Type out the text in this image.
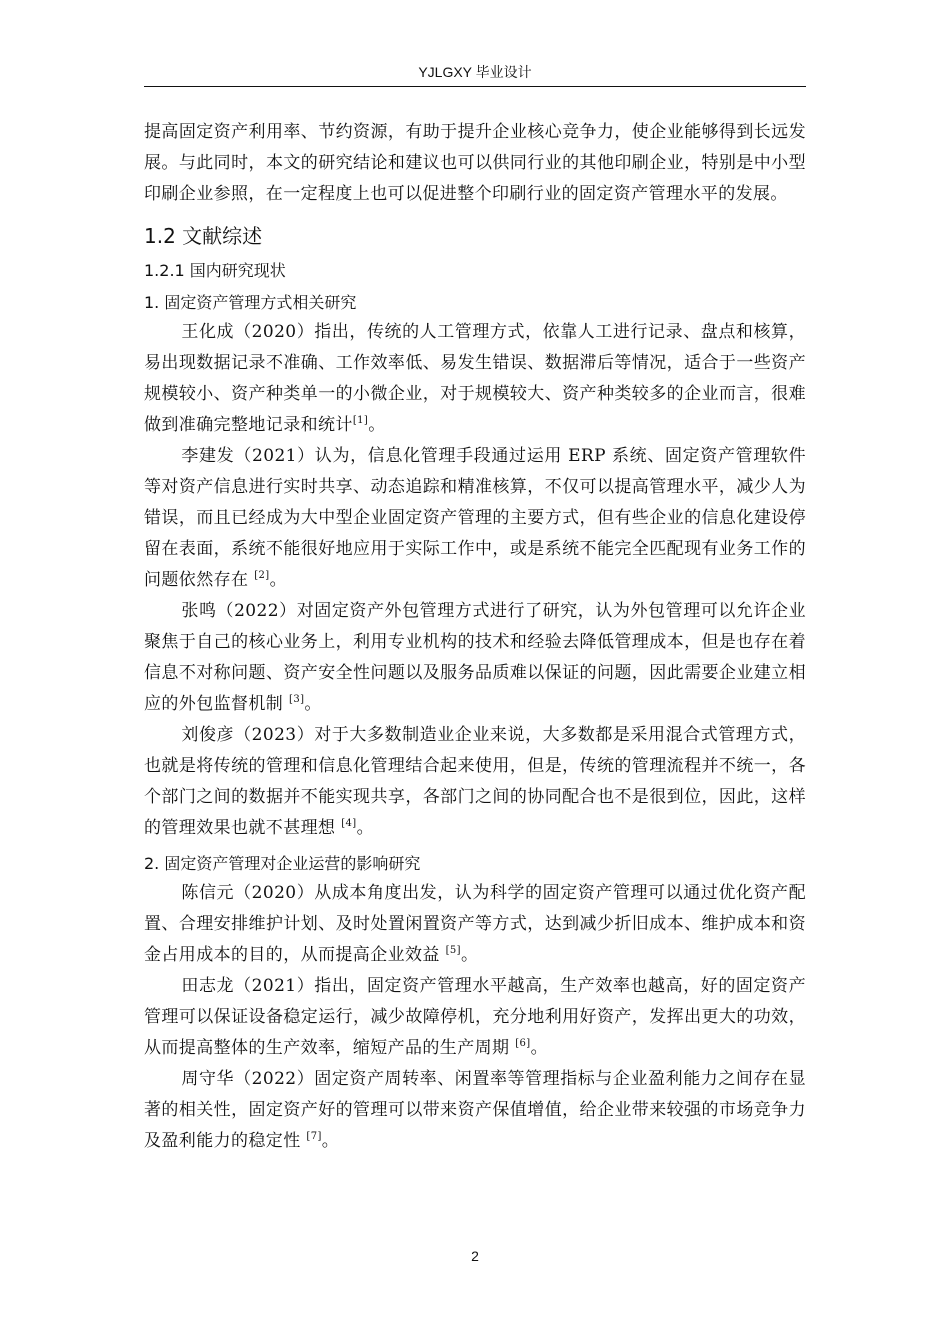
YJLGXY 毕业设计

提高固定资产利用率、节约资源，有助于提升企业核心竞争力，使企业能够得到长远发展。与此同时，本文的研究结论和建议也可以供同行业的其他印刷企业，特别是中小型印刷企业参照，在一定程度上也可以促进整个印刷行业的固定资产管理水平的发展。

1.2 文献综述
1.2.1 国内研究现状
1. 固定资产管理方式相关研究

王化成（2020）指出，传统的人工管理方式，依靠人工进行记录、盘点和核算，易出现数据记录不准确、工作效率低、易发生错误、数据滞后等情况，适合于一些资产规模较小、资产种类单一的小微企业，对于规模较大、资产种类较多的企业而言，很难做到准确完整地记录和统计[1]。

李建发（2021）认为，信息化管理手段通过运用 ERP 系统、固定资产管理软件等对资产信息进行实时共享、动态追踪和精准核算，不仅可以提高管理水平，减少人为错误，而且已经成为大中型企业固定资产管理的主要方式，但有些企业的信息化建设停留在表面，系统不能很好地应用于实际工作中，或是系统不能完全匹配现有业务工作的问题依然存在 [2]。

张鸣（2022）对固定资产外包管理方式进行了研究，认为外包管理可以允许企业聚焦于自己的核心业务上，利用专业机构的技术和经验去降低管理成本，但是也存在着信息不对称问题、资产安全性问题以及服务品质难以保证的问题，因此需要企业建立相应的外包监督机制 [3]。

刘俊彦（2023）对于大多数制造业企业来说，大多数都是采用混合式管理方式，也就是将传统的管理和信息化管理结合起来使用，但是，传统的管理流程并不统一，各个部门之间的数据并不能实现共享，各部门之间的协同配合也不是很到位，因此，这样的管理效果也就不甚理想 [4]。

2. 固定资产管理对企业运营的影响研究

陈信元（2020）从成本角度出发，认为科学的固定资产管理可以通过优化资产配置、合理安排维护计划、及时处置闲置资产等方式，达到减少折旧成本、维护成本和资金占用成本的目的，从而提高企业效益 [5]。

田志龙（2021）指出，固定资产管理水平越高，生产效率也越高，好的固定资产管理可以保证设备稳定运行，减少故障停机，充分地利用好资产，发挥出更大的功效，从而提高整体的生产效率，缩短产品的生产周期 [6]。

周守华（2022）固定资产周转率、闲置率等管理指标与企业盈利能力之间存在显著的相关性，固定资产好的管理可以带来资产保值增值，给企业带来较强的市场竞争力及盈利能力的稳定性 [7]。

2
